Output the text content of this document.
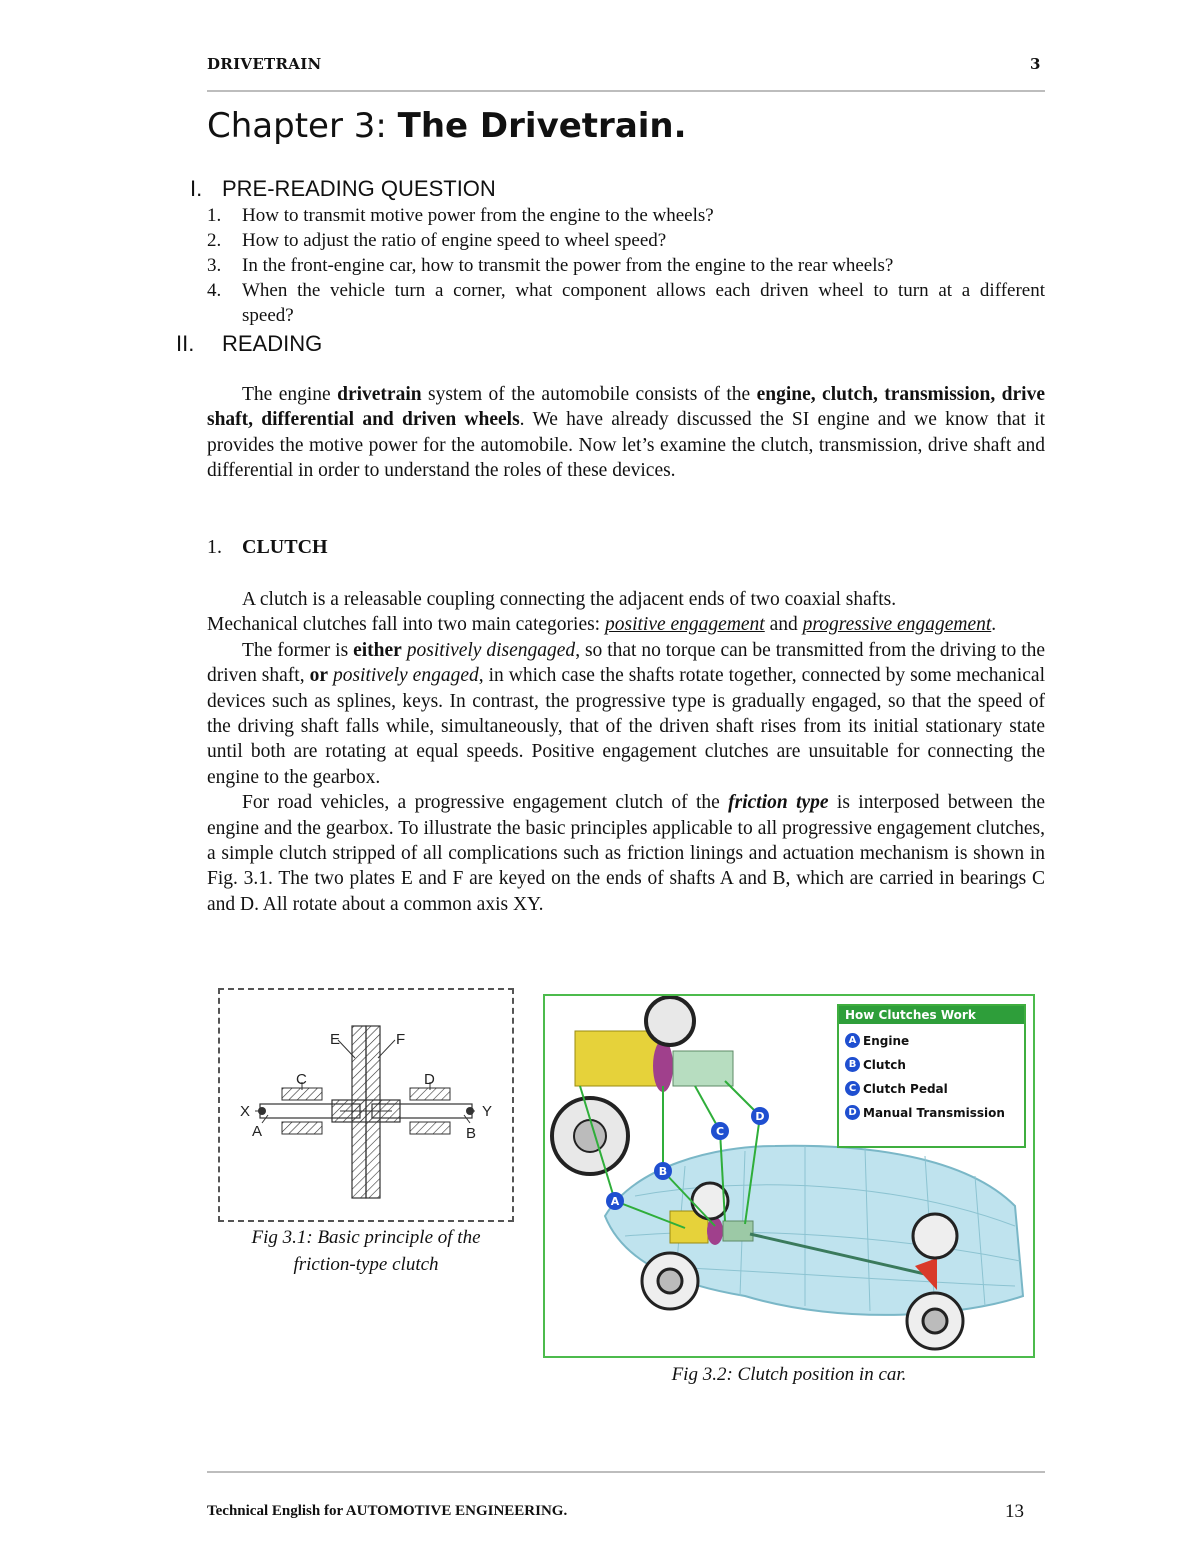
DRIVETRAIN	3
Chapter 3: The Drivetrain.
I. PRE-READING QUESTION
1. How to transmit motive power from the engine to the wheels?
2. How to adjust the ratio of engine speed to wheel speed?
3. In the front-engine car, how to transmit the power from the engine to the rear wheels?
4.	When the vehicle turn a corner, what component allows each driven wheel to turn at a different speed?
II. READING

The engine drivetrain system of the automobile consists of the engine, clutch, transmission, drive shaft, differential and driven wheels. We have already discussed the SI engine and we know that it provides the motive power for the automobile. Now let’s examine the clutch, transmission, drive shaft and differential in order to understand the roles of these devices.

1. CLUTCH

A clutch is a releasable coupling connecting the adjacent ends of two coaxial shafts.

Mechanical clutches fall into two main categories: positive engagement and progressive engagement.

The former is either positively disengaged, so that no torque can be transmitted from the driving to the driven shaft, or positively engaged, in which case the shafts rotate together, connected by some mechanical devices such as splines, keys. In contrast, the progressive type is gradually engaged, so that the speed of the driving shaft falls while, simultaneously, that of the driven shaft rises from its initial stationary state until both are rotating at equal speeds. Positive engagement clutches are unsuitable for connecting the engine to the gearbox.

For road vehicles, a progressive engagement clutch of the friction type is interposed between the engine and the gearbox. To illustrate the basic principles applicable to all progressive engagement clutches, a simple clutch stripped of all complications such as friction linings and actuation mechanism is shown in Fig. 3.1. The two plates E and F are keyed on the ends of shafts A and B, which are carried in bearings C and D. All rotate about a common axis XY.

E	F
C	D
X	Y
A	B
Fig 3.1: Basic principle of the
friction-type clutch
A
B
C
D
How Clutches Work
A Engine
B Clutch
C Clutch Pedal
D Manual Transmission
Fig 3.2: Clutch position in car.
Technical English for AUTOMOTIVE ENGINEERING.	13
